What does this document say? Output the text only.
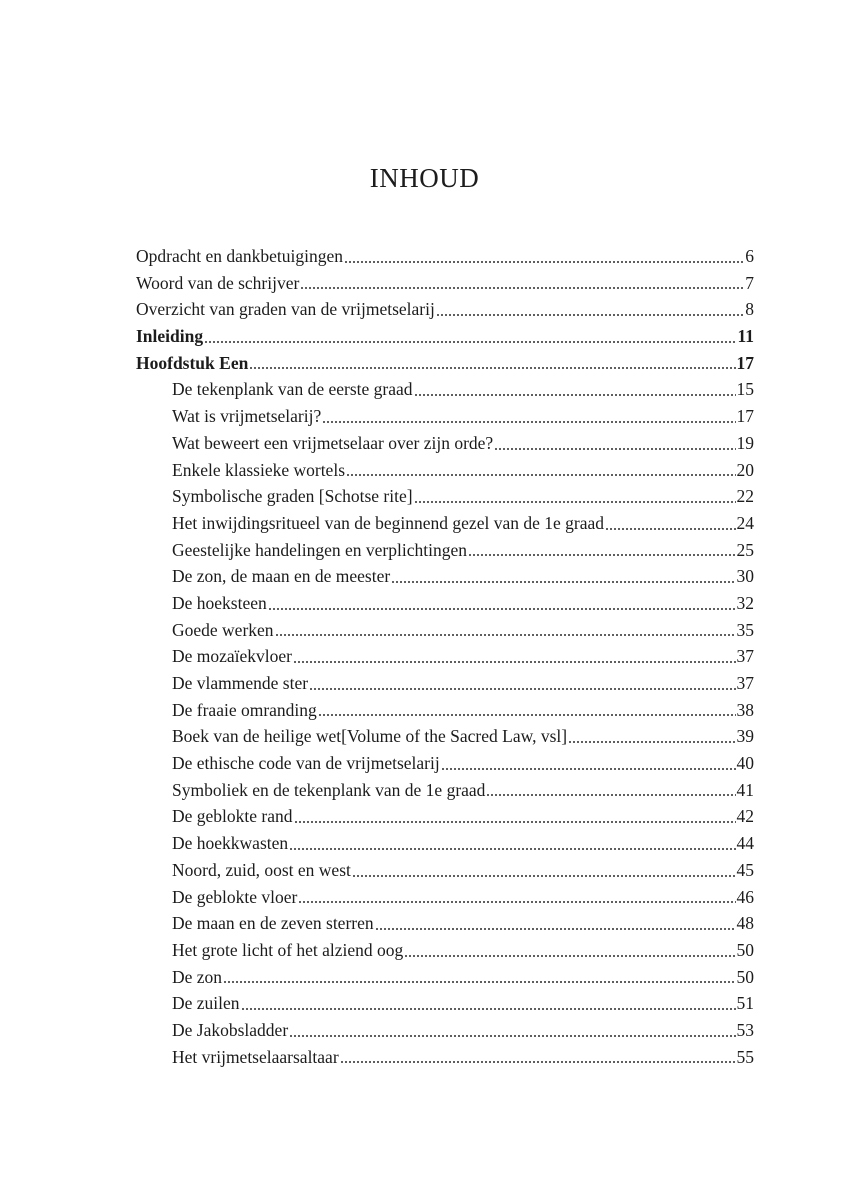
INHOUD
Opdracht en dankbetuigingen	6
Woord van de schrijver	7
Overzicht van graden van de vrijmetselarij	8
Inleiding	11
Hoofdstuk Een	17
De tekenplank van de eerste graad	15
Wat is vrijmetselarij?	17
Wat beweert een vrijmetselaar over zijn orde?	19
Enkele klassieke wortels	20
Symbolische graden [Schotse rite]	22
Het inwijdingsritueel van de beginnend gezel van de 1e graad	24
Geestelijke handelingen en verplichtingen	25
De zon, de maan en de meester	30
De hoeksteen	32
Goede werken	35
De mozaïekvloer	37
De vlammende ster	37
De fraaie omranding	38
Boek van de heilige wet[Volume of the Sacred Law, vsl]	39
De ethische code van de vrijmetselarij	40
Symboliek en de tekenplank van de 1e graad	41
De geblokte rand	42
De hoekkwasten	44
Noord, zuid, oost en west	45
De geblokte vloer	46
De maan en de zeven sterren	48
Het grote licht of het alziend oog	50
De zon	50
De zuilen	51
De Jakobsladder	53
Het vrijmetselaarsaltaar	55
